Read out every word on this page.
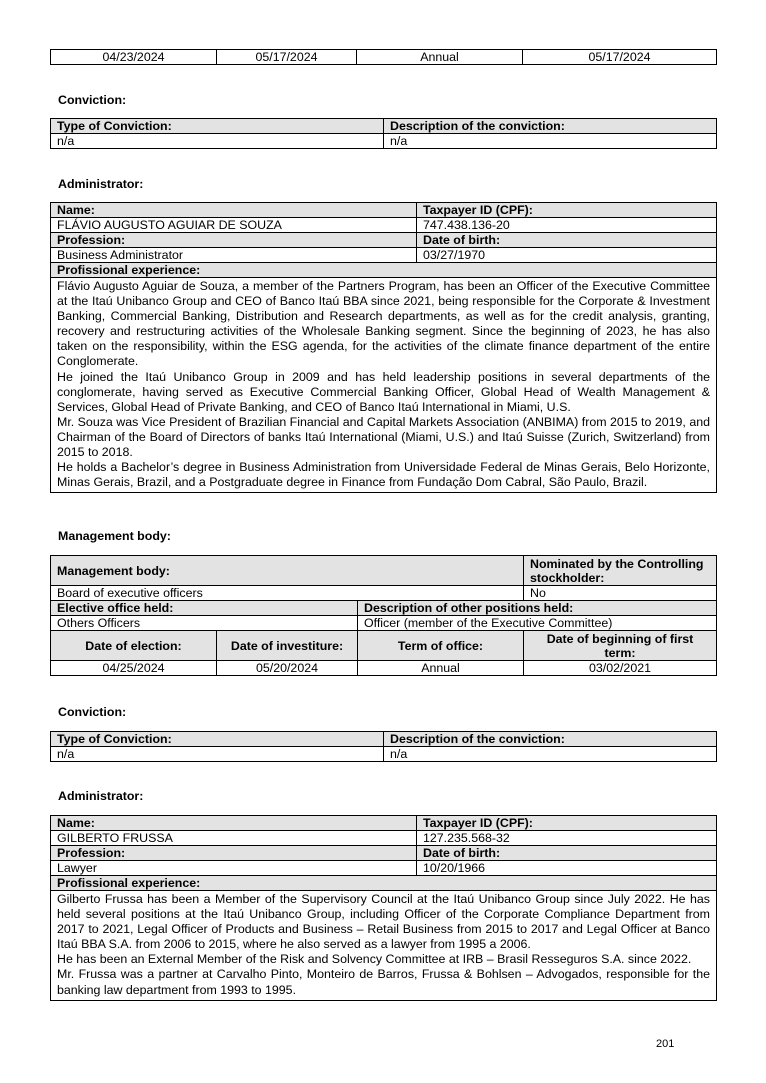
04/23/2024	05/17/2024	Annual	05/17/2024
Conviction:
Type of Conviction:	Description of the conviction:
n/a	n/a
Administrator:
Name:	Taxpayer ID (CPF):
FLÁVIO AUGUSTO AGUIAR DE SOUZA	747.438.136-20
Profession:	Date of birth:
Business Administrator	03/27/1970
Profissional experience:	

Flávio Augusto Aguiar de Souza, a member of the Partners Program, has been an Officer of the Executive Committee at the Itaú Unibanco Group and CEO of Banco Itaú BBA since 2021, being responsible for the Corporate & Investment Banking, Commercial Banking, Distribution and Research departments, as well as for the credit analysis, granting, recovery and restructuring activities of the Wholesale Banking segment. Since the beginning of 2023, he has also taken on the responsibility, within the ESG agenda, for the activities of the climate finance department of the entire Conglomerate.

He joined the Itaú Unibanco Group in 2009 and has held leadership positions in several departments of the conglomerate, having served as Executive Commercial Banking Officer, Global Head of Wealth Management & Services, Global Head of Private Banking, and CEO of Banco Itaú International in Miami, U.S.

Mr. Souza was Vice President of Brazilian Financial and Capital Markets Association (ANBIMA) from 2015 to 2019, and Chairman of the Board of Directors of banks Itaú International (Miami, U.S.) and Itaú Suisse (Zurich, Switzerland) from 2015 to 2018.

He holds a Bachelor’s degree in Business Administration from Universidade Federal de Minas Gerais, Belo Horizonte, Minas Gerais, Brazil, and a Postgraduate degree in Finance from Fundação Dom Cabral, São Paulo, Brazil.	

Management body:
Management body:			Nominated by the Controlling stockholder:
Board of executive officers			No
Elective office held:		Description of other positions held:	
Others Officers		Officer (member of the Executive Committee)	
Date of election:	Date of investiture:	Term of office:	Date of beginning of first term:
04/25/2024	05/20/2024	Annual	03/02/2021
Conviction:
Type of Conviction:	Description of the conviction:
n/a	n/a
Administrator:
Name:	Taxpayer ID (CPF):
GILBERTO FRUSSA	127.235.568-32
Profession:	Date of birth:
Lawyer	10/20/1966
Profissional experience:	

Gilberto Frussa has been a Member of the Supervisory Council at the Itaú Unibanco Group since July 2022. He has held several positions at the Itaú Unibanco Group, including Officer of the Corporate Compliance Department from 2017 to 2021, Legal Officer of Products and Business – Retail Business from 2015 to 2017 and Legal Officer at Banco Itaú BBA S.A. from 2006 to 2015, where he also served as a lawyer from 1995 a 2006.

He has been an External Member of the Risk and Solvency Committee at IRB – Brasil Resseguros S.A. since 2022.

Mr. Frussa was a partner at Carvalho Pinto, Monteiro de Barros, Frussa & Bohlsen – Advogados, responsible for the banking law department from 1993 to 1995.	

201
